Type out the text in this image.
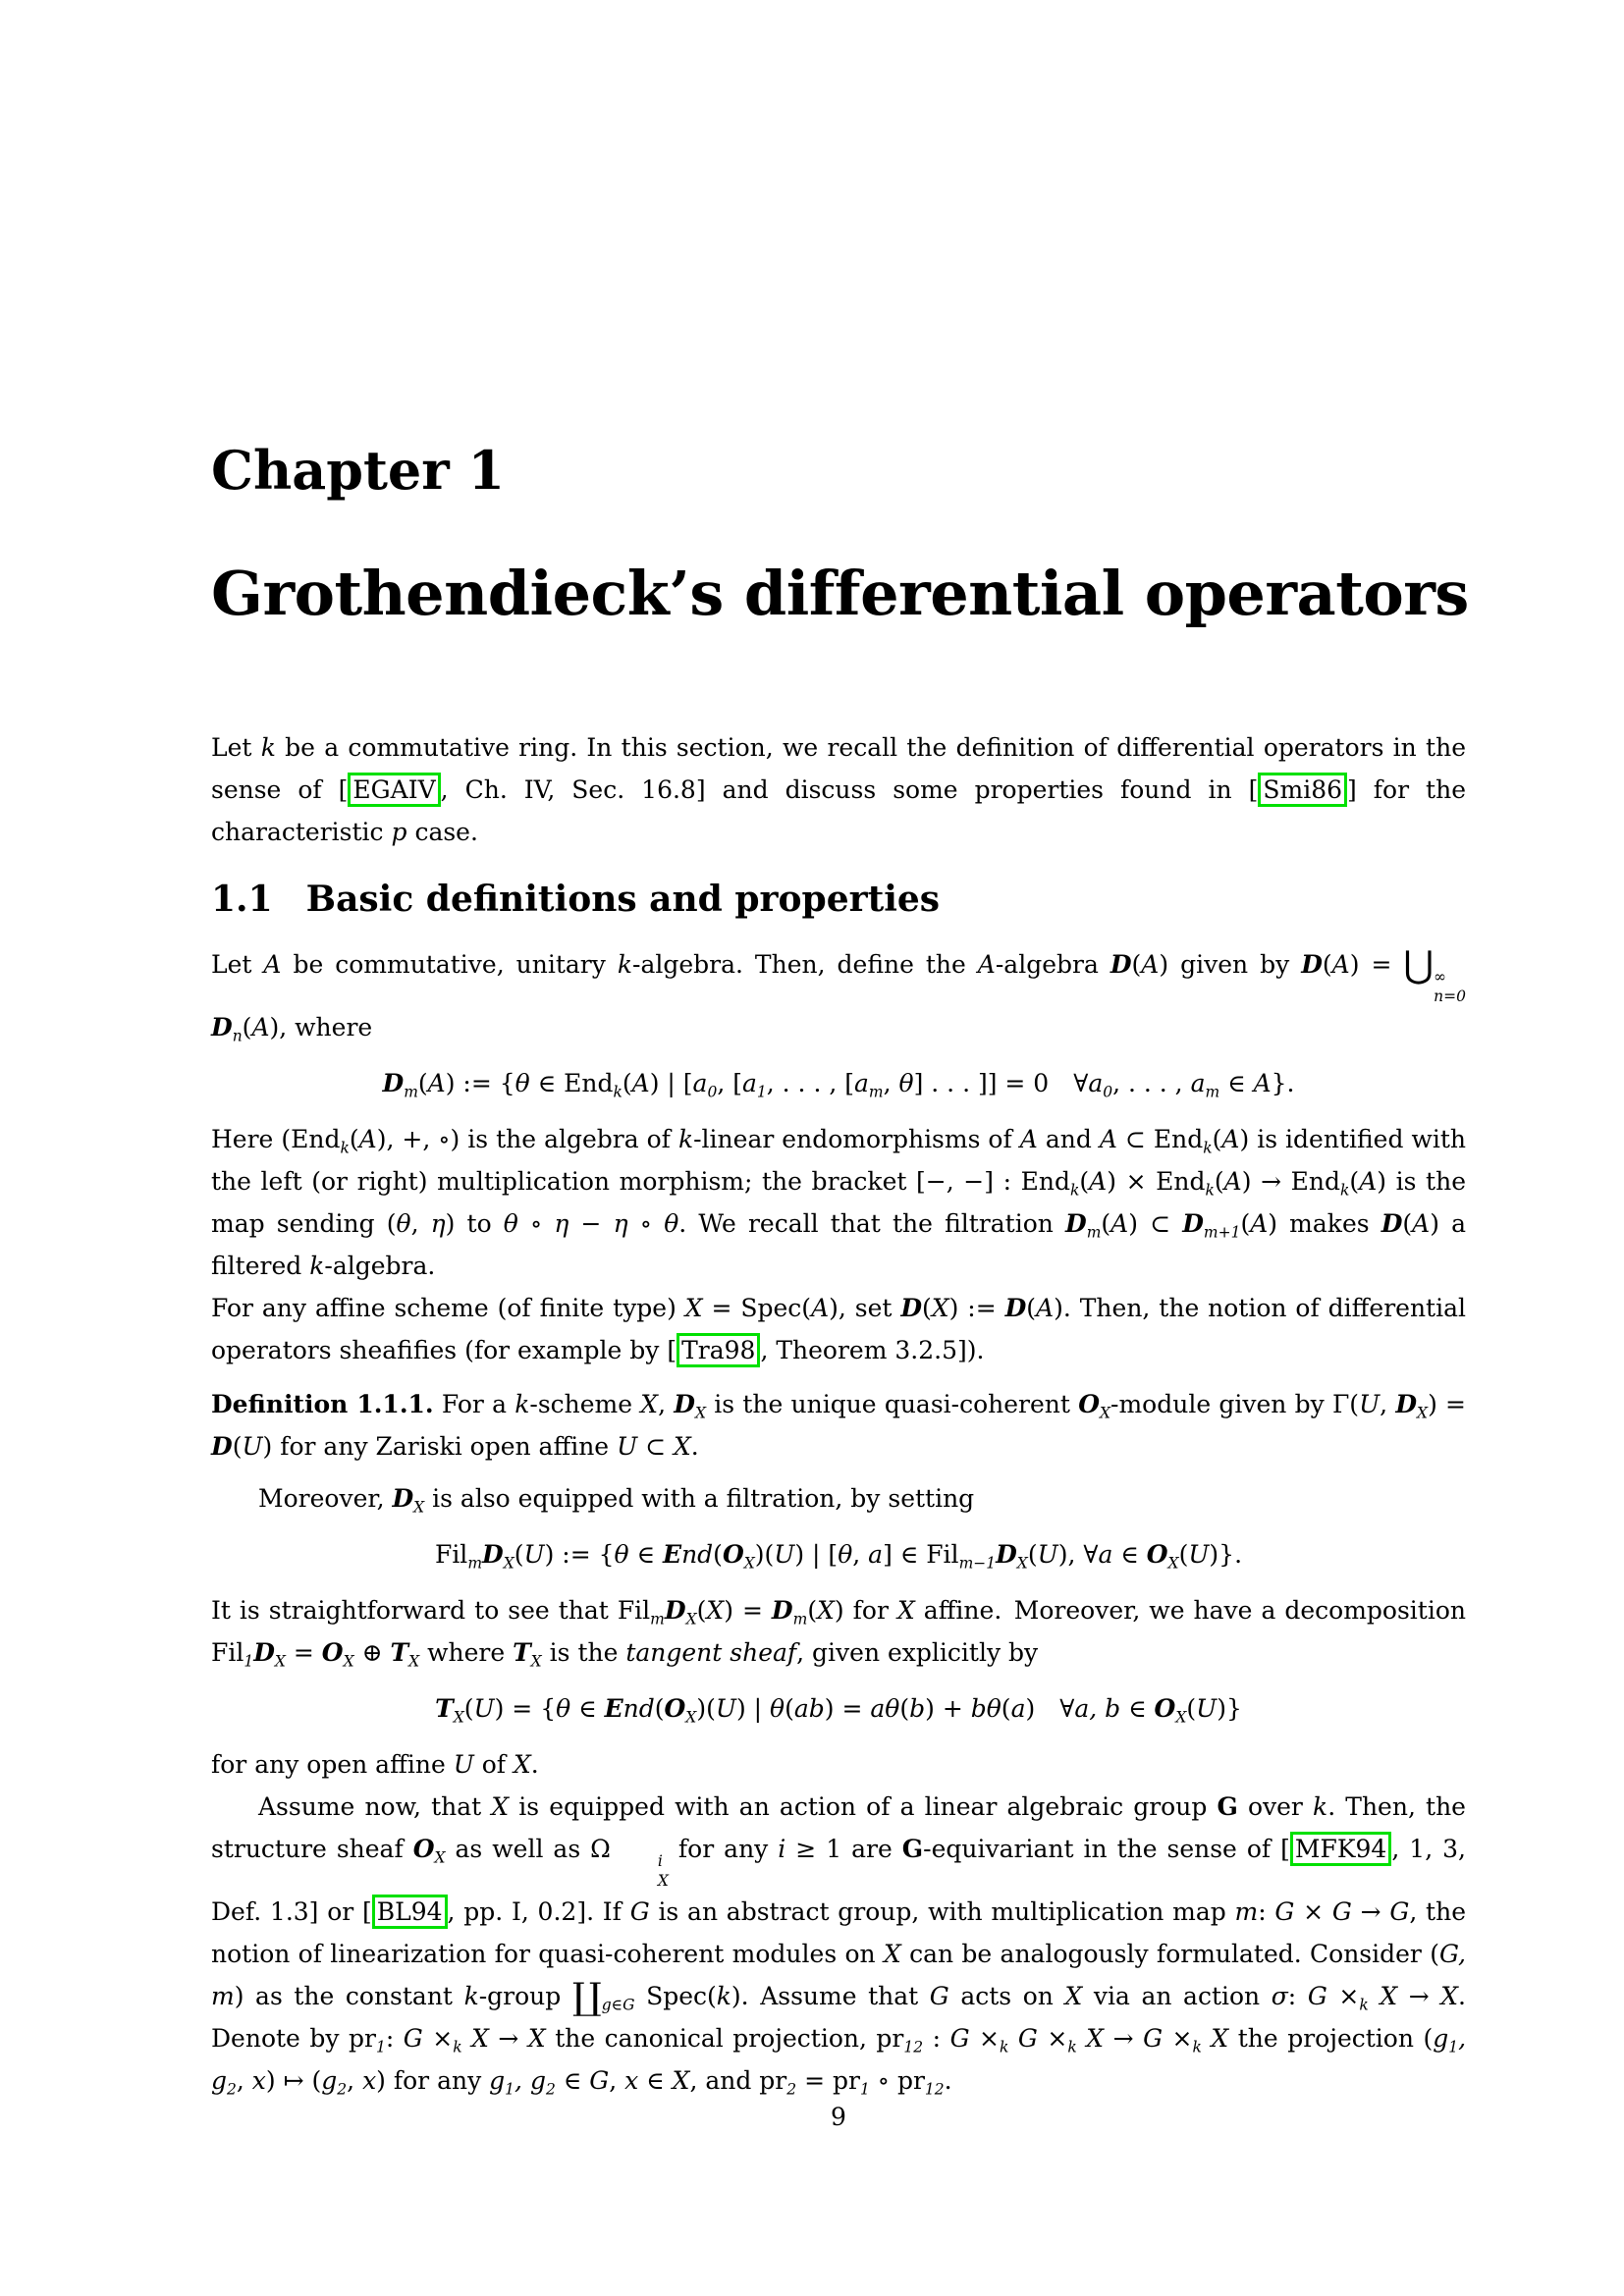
Chapter 1
Grothendieck’s differential operators
Let k be a commutative ring. In this section, we recall the definition of differential operators in the sense of [ EGAIV , Ch. IV, Sec. 16.8] and discuss some properties found in [ Smi86 ] for the characteristic p case.
1.1 Basic definitions and properties
Let A be commutative, unitary k-algebra. Then, define the A-algebra D(A) given by D(A) = ⋃ ∞
n=0
$D_n(A)$, where
$D_m(A)$ := {θ ∈ End$_k$(A) | [$a_0$, [$a_1$, . . . , [$a_m$, θ] . . . ]] = 0 $\forall a_0$, . . . , $a_m$ ∈ A}.
Here (End$_k$(A), +, ∘) is the algebra of k-linear endomorphisms of A and A ⊂ End$_k$(A) is identified with the left (or right) multiplication morphism; the bracket [−, −] : End$_k$(A) × End$_k$(A) → End$_k$(A) is the map sending (θ, η) to θ ∘ η − η ∘ θ. We recall that the filtration $D_m(A)$ ⊂ $D_{m+1}(A)$ makes D(A) a filtered k-algebra.
For any affine scheme (of finite type) X = Spec(A), set D(X) := D(A). Then, the notion of differential operators sheafifies (for example by [ Tra98 , Theorem 3.2.5]).
Definition 1.1.1. For a k-scheme X, $D_X$ is the unique quasi-coherent $O_X$-module given by Γ(U, $D_X) = D(U)$ for any Zariski open affine U ⊂ X.
Moreover, $D_X$ is also equipped with a filtration, by setting
$Fil_mD_X(U)$ := {θ ∈ $End(O_X)(U)$ | [θ, a] ∈ $Fil_{m-1}D_X(U)$, ∀a ∈ $O_X(U)$}.
It is straightforward to see that $Fil_mD_X(X) = D_m(X)$ for X affine. Moreover, we have a decomposition $Fil_1D_X = O_X$ ⊕ $T_X$ where $T_X$ is the tangent sheaf, given explicitly by
$T_X(U) = \{\theta$ ∈ $End(O_X)(U)$ | θ(ab) = aθ(b) + bθ(a) ∀a, b ∈ $O_X(U)$}
for any open affine U of X.
Assume now, that X is equipped with an action of a linear algebraic group G over k. Then, the structure sheaf $O_X$ as well as Ω	i
X
for any i ≥ 1 are G-equivariant in the sense of [ MFK94 , 1, 3, Def. 1.3] or [ BL94 , pp. I, 0.2]. If G is an abstract group, with multiplication map m: G × G → G, the notion of linearization for quasi-coherent modules on X can be analogously formulated. Consider (G, m) as the constant k-group $∐_{g\in G}$ Spec(k). Assume that G acts on X via an action σ: $G \times_k$ X → X. Denote by $pr_1$: $G \times_k$ X → X the canonical projection, $pr_{12}$ : $G \times_k$ $G \times_k$ $X \to G \times_k$ X the projection ($g_1$, $g_2$, x) ↦ ($g_2$, x) for any $g_1$, $g_2$ ∈ G, x ∈ X, and $pr_2 = pr_1$ ∘ $pr_{12}$.
9
